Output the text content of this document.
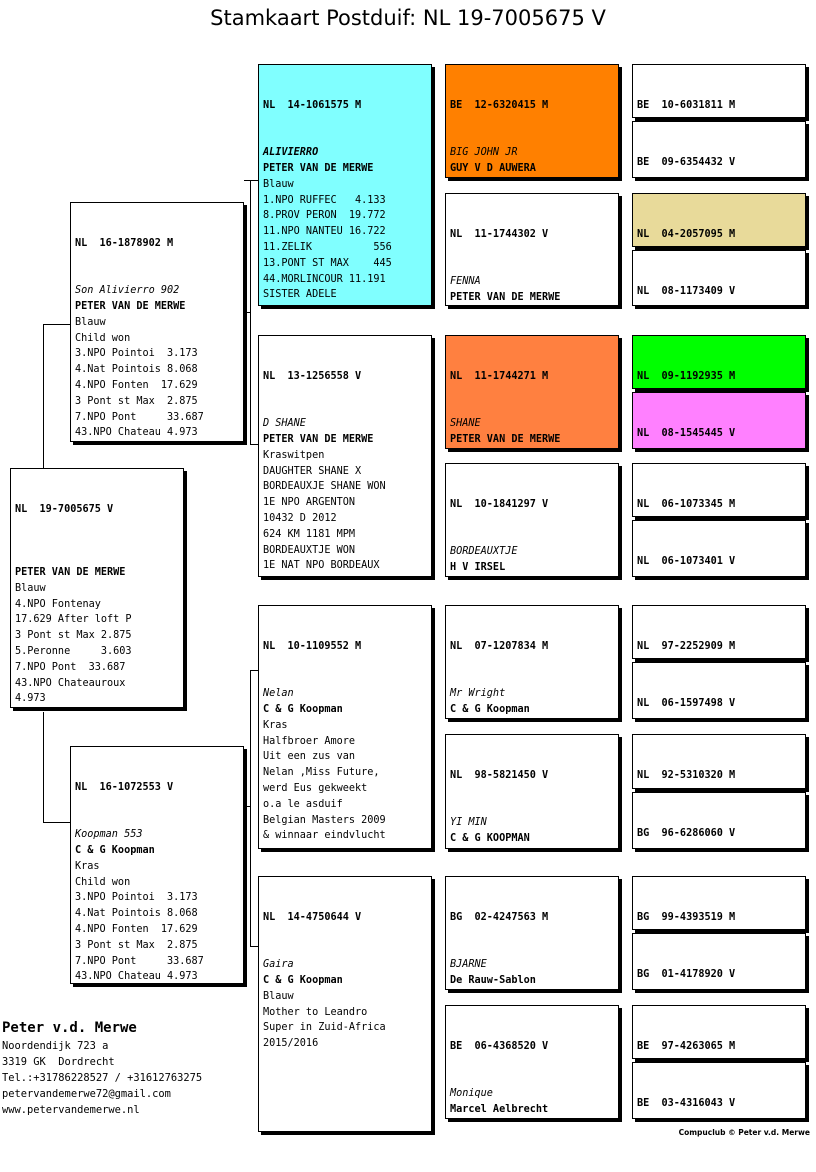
Stamkaart Postduif: NL 19-7005675 V

NL  19-7005675 V

PETER VAN DE MERWE
Blauw
4.NPO Fontenay
17.629 After loft P
3 Pont st Max 2.875
5.Peronne     3.603
7.NPO Pont  33.687
43.NPO Chateauroux
4.973

NL  16-1878902 M

Son Alivierro 902
PETER VAN DE MERWE
Blauw
Child won
3.NPO Pointoi  3.173
4.Nat Pointois 8.068
4.NPO Fonten  17.629
3 Pont st Max  2.875
7.NPO Pont     33.687
43.NPO Chateau 4.973

NL  16-1072553 V

Koopman 553
C & G Koopman
Kras
Child won
3.NPO Pointoi  3.173
4.Nat Pointois 8.068
4.NPO Fonten  17.629
3 Pont st Max  2.875
7.NPO Pont     33.687
43.NPO Chateau 4.973

NL  14-1061575 M

ALIVIERRO
PETER VAN DE MERWE
Blauw
1.NPO RUFFEC   4.133
8.PROV PERON  19.772
11.NPO NANTEU 16.722
11.ZELIK          556
13.PONT ST MAX    445
44.MORLINCOUR 11.191
SISTER ADELE

NL  13-1256558 V

D SHANE
PETER VAN DE MERWE
Kraswitpen
DAUGHTER SHANE X
BORDEAUXJE SHANE WON
1E NPO ARGENTON
10432 D 2012
624 KM 1181 MPM
BORDEAUXTJE WON
1E NAT NPO BORDEAUX

NL  10-1109552 M

Nelan
C & G Koopman
Kras
Halfbroer Amore
Uit een zus van
Nelan ,Miss Future,
werd Eus gekweekt
o.a le asduif
Belgian Masters 2009
& winnaar eindvlucht

NL  14-4750644 V

Gaira
C & G Koopman
Blauw
Mother to Leandro
Super in Zuid-Africa
2015/2016

BE  12-6320415 M

BIG JOHN JR
GUY V D AUWERA

NL  11-1744302 V

FENNA
PETER VAN DE MERWE

NL  11-1744271 M

SHANE
PETER VAN DE MERWE

NL  10-1841297 V

BORDEAUXTJE
H V IRSEL

NL  07-1207834 M

Mr Wright
C & G Koopman

NL  98-5821450 V

YI MIN
C & G KOOPMAN

BG  02-4247563 M

BJARNE
De Rauw-Sablon

BE  06-4368520 V

Monique
Marcel Aelbrecht

BE  10-6031811 M

BE  09-6354432 V

NL  04-2057095 M

NL  08-1173409 V

NL  09-1192935 M

NL  08-1545445 V

NL  06-1073345 M

NL  06-1073401 V

NL  97-2252909 M

NL  06-1597498 V

NL  92-5310320 M

BG  96-6286060 V

BG  99-4393519 M

BG  01-4178920 V

BE  97-4263065 M

BE  03-4316043 V

Peter v.d. Merwe
Noordendijk 723 a
3319 GK  Dordrecht
Tel.:+31786228527 / +31612763275
petervandemerwe72@gmail.com
www.petervandemerwe.nl
Compuclub © Peter v.d. Merwe
